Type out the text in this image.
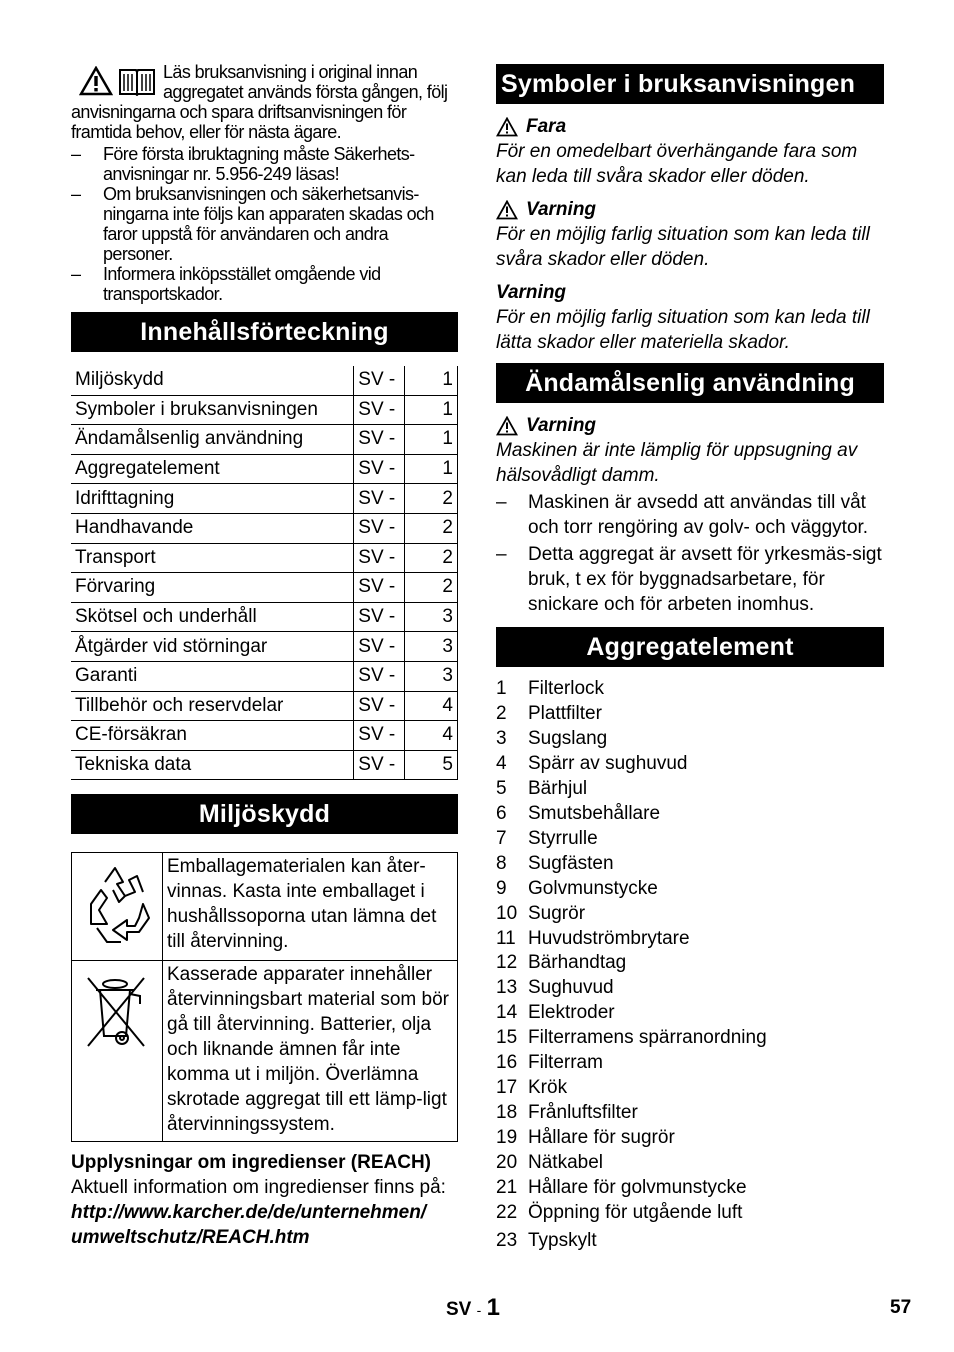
Läs bruksanvisning i original innan aggregatet används första gången, följ anvisningarna och spara driftsanvisningen för framtida behov, eller för nästa ägare.

– Före första ibruktagning måste Säkerhets-anvisningar nr. 5.956-249 läsas!
– Om bruksanvisningen och säkerhetsanvis-ningarna inte följs kan apparaten skadas och faror uppstå för användaren och andra personer.
– Informera inköpsstället omgående vid transportskador.
Innehållsförteckning
Miljöskydd	SV -	1
Symboler i bruksanvisningen	SV -	1
Ändamålsenlig användning	SV -	1
Aggregatelement	SV -	1
Idrifttagning	SV -	2
Handhavande	SV -	2
Transport	SV -	2
Förvaring	SV -	2
Skötsel och underhåll	SV -	3
Åtgärder vid störningar	SV -	3
Garanti	SV -	3
Tillbehör och reservdelar	SV -	4
CE-försäkran	SV -	4
Tekniska data	SV -	5
Miljöskydd
	Emballagematerialen kan åter-vinnas. Kasta inte emballaget i hushållssoporna utan lämna det till återvinning.
	Kasserade apparater innehåller återvinningsbart material som bör gå till återvinning. Batterier, olja och liknande ämnen får inte komma ut i miljön. Överlämna skrotade aggregat till ett lämp-ligt återvinningssystem.
Upplysningar om ingredienser (REACH)
Aktuell information om ingredienser finns på:
http://www.karcher.de/de/unternehmen/
umweltschutz/REACH.htm
Symboler i bruksanvisningen
Fara
För en omedelbart överhängande fara som kan leda till svåra skador eller döden.
Varning
För en möjlig farlig situation som kan leda till svåra skador eller döden.
Varning
För en möjlig farlig situation som kan leda till lätta skador eller materiella skador.
Ändamålsenlig användning
Varning
Maskinen är inte lämplig för uppsugning av hälsovådligt damm.
– Maskinen är avsedd att användas till våt och torr rengöring av golv- och väggytor.
– Detta aggregat är avsett för yrkesmäs-sigt bruk, t ex för byggnadsarbetare, för snickare och för arbeten inomhus.
Aggregatelement
1	Filterlock
2	Plattfilter
3	Sugslang
4	Spärr av sughuvud
5	Bärhjul
6	Smutsbehållare
7	Styrrulle
8	Sugfästen
9	Golvmunstycke
10 Sugrör
11 Huvudströmbrytare
12 Bärhandtag
13 Sughuvud
14 Elektroder
15 Filterramens spärranordning
16 Filterram
17 Krök
18 Frånluftsfilter
19 Hållare för sugrör
20 Nätkabel
21 Hållare för golvmunstycke
22 Öppning för utgående luft
23 Typskylt
SV - 1	57
